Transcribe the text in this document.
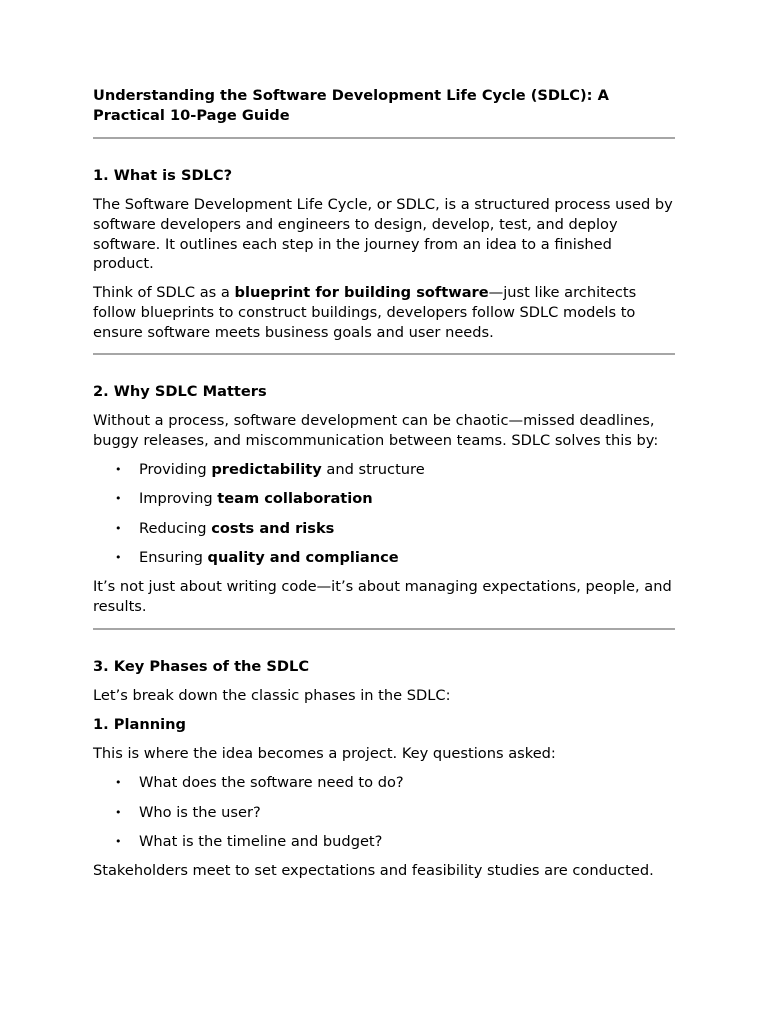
Understanding the Software Development Life Cycle (SDLC): A Practical 10-Page Guide

1. What is SDLC?

The Software Development Life Cycle, or SDLC, is a structured process used by software developers and engineers to design, develop, test, and deploy software. It outlines each step in the journey from an idea to a finished product.

Think of SDLC as a blueprint for building software—just like architects follow blueprints to construct buildings, developers follow SDLC models to ensure software meets business goals and user needs.

2. Why SDLC Matters

Without a process, software development can be chaotic—missed deadlines, buggy releases, and miscommunication between teams. SDLC solves this by:

• Providing predictability and structure
• Improving team collaboration
• Reducing costs and risks
• Ensuring quality and compliance

It’s not just about writing code—it’s about managing expectations, people, and results.

3. Key Phases of the SDLC

Let’s break down the classic phases in the SDLC:

1. Planning

This is where the idea becomes a project. Key questions asked:

• What does the software need to do?
• Who is the user?
• What is the timeline and budget?

Stakeholders meet to set expectations and feasibility studies are conducted.
